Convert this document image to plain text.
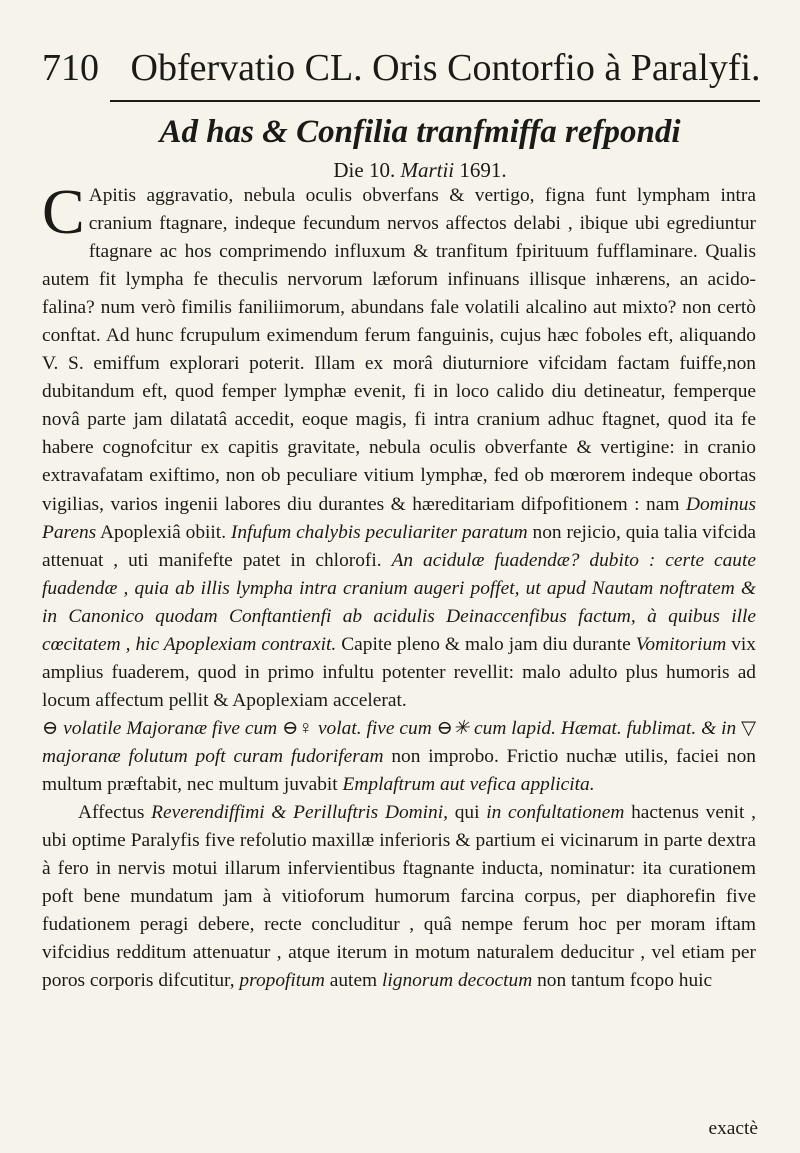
710 Obfervatio CL. Oris Contorfio à Paralyfi.
Ad has & Confilia tranfmiffa refpondi
Die 10. Martii 1691.

C Apitis aggravatio, nebula oculis obverfans & vertigo, figna funt lympham intra cranium ftagnare, indeque fecundum nervos affectos delabi , ibique ubi egrediuntur ftagnare ac hos comprimendo influxum & tranfitum fpirituum fufflaminare. Qualis autem fit lympha fe theculis nervorum læforum infinuans illisque inhærens, an acido-falina? num verò fimilis faniliimorum, abundans fale volatili alcalino aut mixto? non certò conftat. Ad hunc fcrupulum eximendum ferum fanguinis, cujus hæc foboles eft, aliquando V. S. emiffum explorari poterit. Illam ex morâ diuturniore vifcidam factam fuiffe,non dubitandum eft, quod femper lymphæ evenit, fi in loco calido diu detineatur, femperque novâ parte jam dilatatâ accedit, eoque magis, fi intra cranium adhuc ftagnet, quod ita fe habere cognofcitur ex capitis gravitate, nebula oculis obverfante & vertigine: in cranio extravafatam exiftimo, non ob peculiare vitium lymphæ, fed ob mœrorem indeque obortas vigilias, varios ingenii labores diu durantes & hæreditariam difpofitionem : nam Dominus Parens Apoplexiâ obiit. Infufum chalybis peculiariter paratum non rejicio, quia talia vifcida attenuat , uti manifefte patet in chlorofi. An acidulæ fuadendæ? dubito : certe caute fuadendæ , quia ab illis lympha intra cranium augeri poffet, ut apud Nautam noftratem & in Canonico quodam Conftantienfi ab acidulis Deinaccenfibus factum, à quibus ille cœcitatem , hic Apoplexiam contraxit. Capite pleno & malo jam diu durante Vomitorium vix amplius fuaderem, quod in primo infultu potenter revellit: malo adulto plus humoris ad locum affectum pellit & Apoplexiam accelerat.
⊖ volatile Majoranæ five cum ⊖♀ volat. five cum ⊖✳ cum lapid. Hæmat. fublimat. & in ▽ majoranæ folutum poft curam fudoriferam non improbo. Frictio nuchæ utilis, faciei non multum præftabit, nec multum juvabit Emplaftrum aut vefica applicita.

Affectus Reverendiffimi & Perilluftris Domini, qui in confultationem hactenus venit , ubi optime Paralyfis five refolutio maxillæ inferioris & partium ei vicinarum in parte dextra à fero in nervis motui illarum infervientibus ftagnante inducta, nominatur: ita curationem poft bene mundatum jam à vitioforum humorum farcina corpus, per diaphorefin five fudationem peragi debere, recte concluditur , quâ nempe ferum hoc per moram iftam vifcidius redditum attenuatur , atque iterum in motum naturalem deducitur , vel etiam per poros corporis difcutitur, propofitum autem lignorum decoctum non tantum fcopo huic

exactè
